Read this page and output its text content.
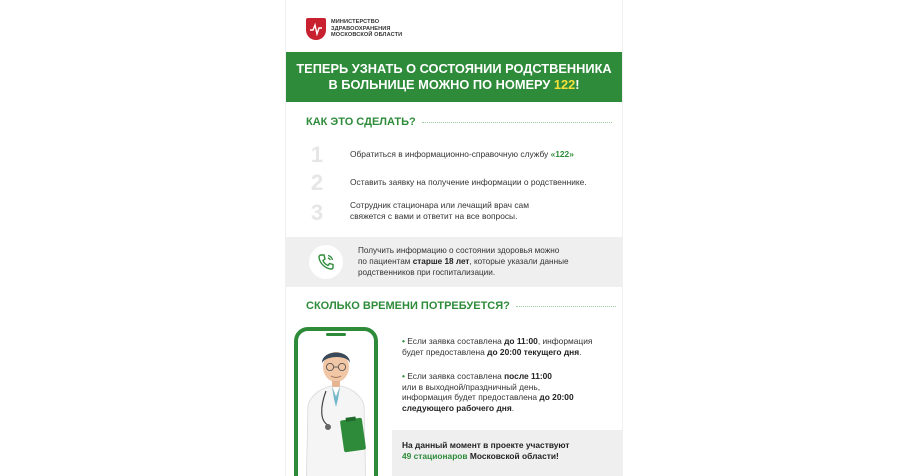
МИНИСТЕРСТВО
ЗДРАВООХРАНЕНИЯ
МОСКОВСКОЙ ОБЛАСТИ
ТЕПЕРЬ УЗНАТЬ О СОСТОЯНИИ РОДСТВЕННИКА
В БОЛЬНИЦЕ МОЖНО ПО НОМЕРУ 122!
КАК ЭТО СДЕЛАТЬ?
1	Обратиться в информационно-справочную службу «122»
2	Оставить заявку на получение информации о родственнике.
3	Сотрудник стационара или лечащий врач сам
свяжется с вами и ответит на все вопросы.
Получить информацию о состоянии здоровья можно
по пациентам старше 18 лет, которые указали данные
родственников при госпитализации.
СКОЛЬКО ВРЕМЕНИ ПОТРЕБУЕТСЯ?
• Если заявка составлена до 11:00, информация
будет предоставлена до 20:00 текущего дня.
• Если заявка составлена после 11:00
или в выходной/праздничный день,
информация будет предоставлена до 20:00
следующего рабочего дня.
На данный момент в проекте участвуют
49 стационаров Московской области!
